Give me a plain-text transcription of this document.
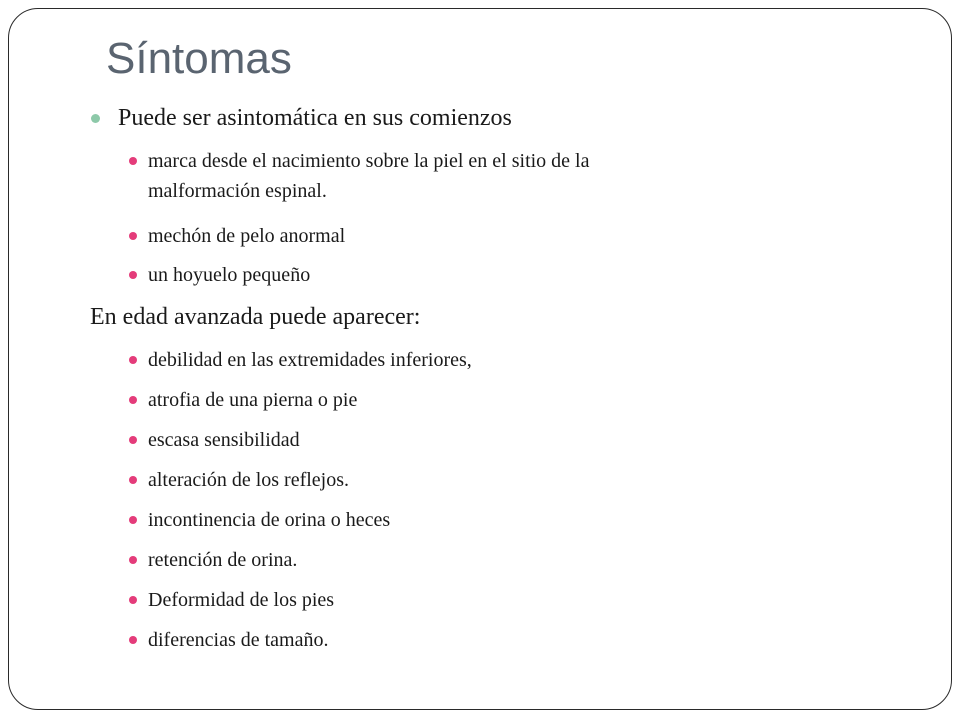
Síntomas

Puede ser asintomática en sus comienzos

marca desde el nacimiento sobre la piel en el sitio de la

malformación espinal.

mechón de pelo anormal

un hoyuelo pequeño

En edad avanzada puede aparecer:

debilidad en las extremidades inferiores,

atrofia de una pierna o pie

escasa sensibilidad

alteración de los reflejos.

incontinencia de orina o heces

retención de orina.

Deformidad de los pies

diferencias de tamaño.
